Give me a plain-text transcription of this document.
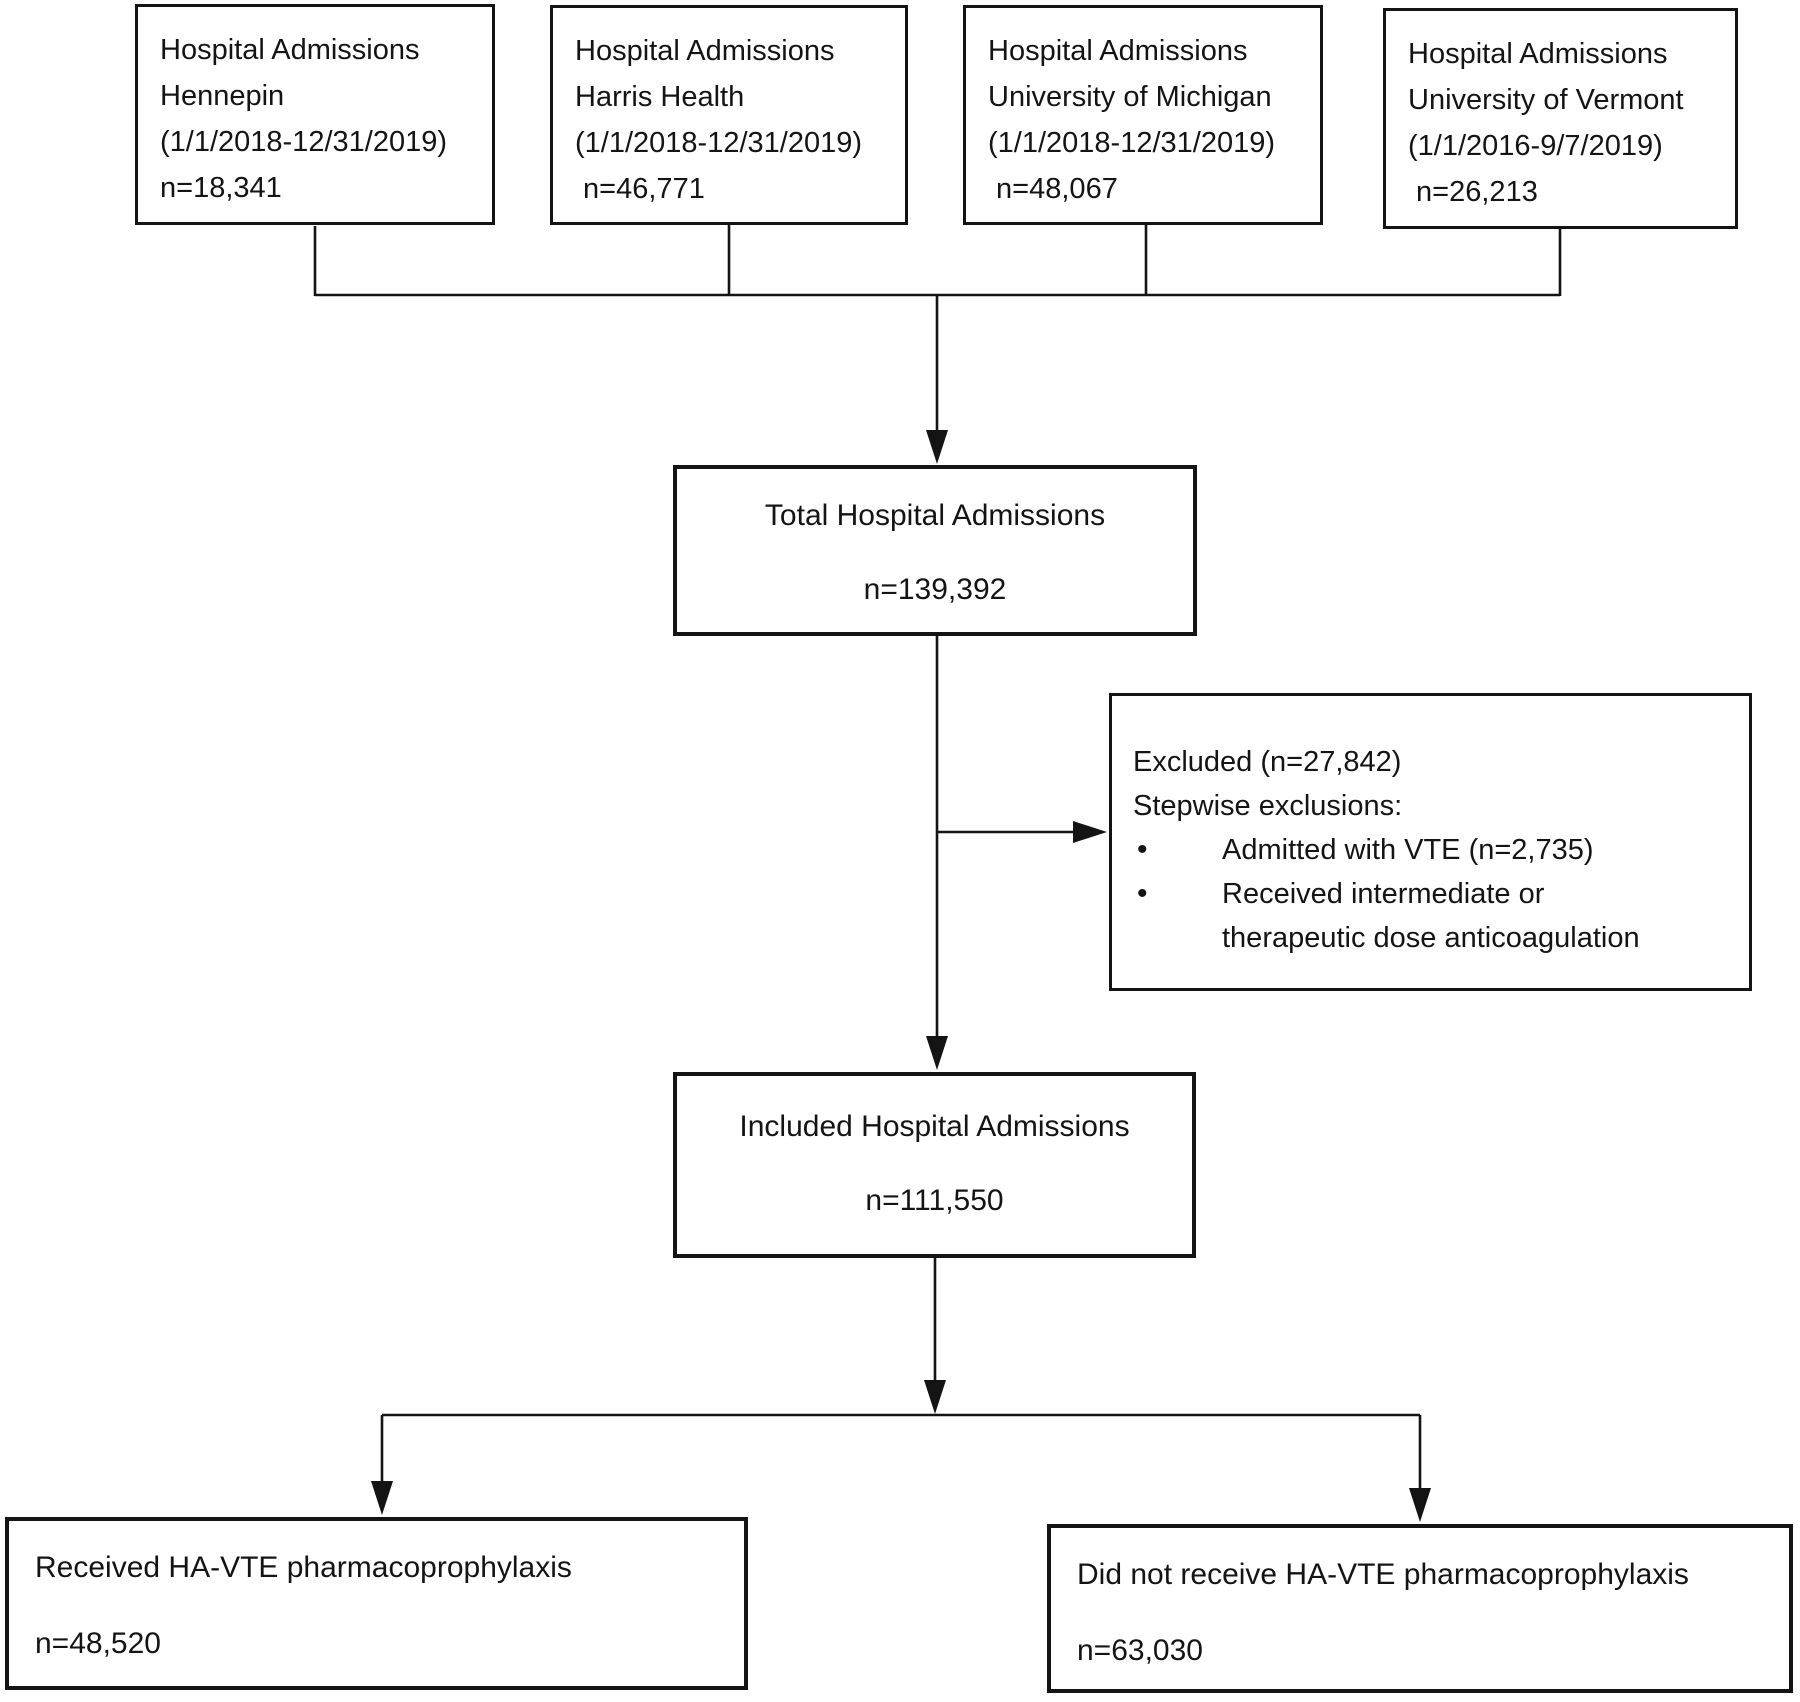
Hospital Admissions
Hennepin
(1/1/2018-12/31/2019)
n=18,341
Hospital Admissions
Harris Health
(1/1/2018-12/31/2019)
n=46,771
Hospital Admissions
University of Michigan
(1/1/2018-12/31/2019)
n=48,067
Hospital Admissions
University of Vermont
(1/1/2016-9/7/2019)
n=26,213
Total Hospital Admissions
n=139,392
Excluded (n=27,842)
Stepwise exclusions:
•	Admitted with VTE (n=2,735)
•	Received intermediate or therapeutic dose anticoagulation
Included Hospital Admissions
n=111,550
Received HA-VTE pharmacoprophylaxis
n=48,520
Did not receive HA-VTE pharmacoprophylaxis
n=63,030
